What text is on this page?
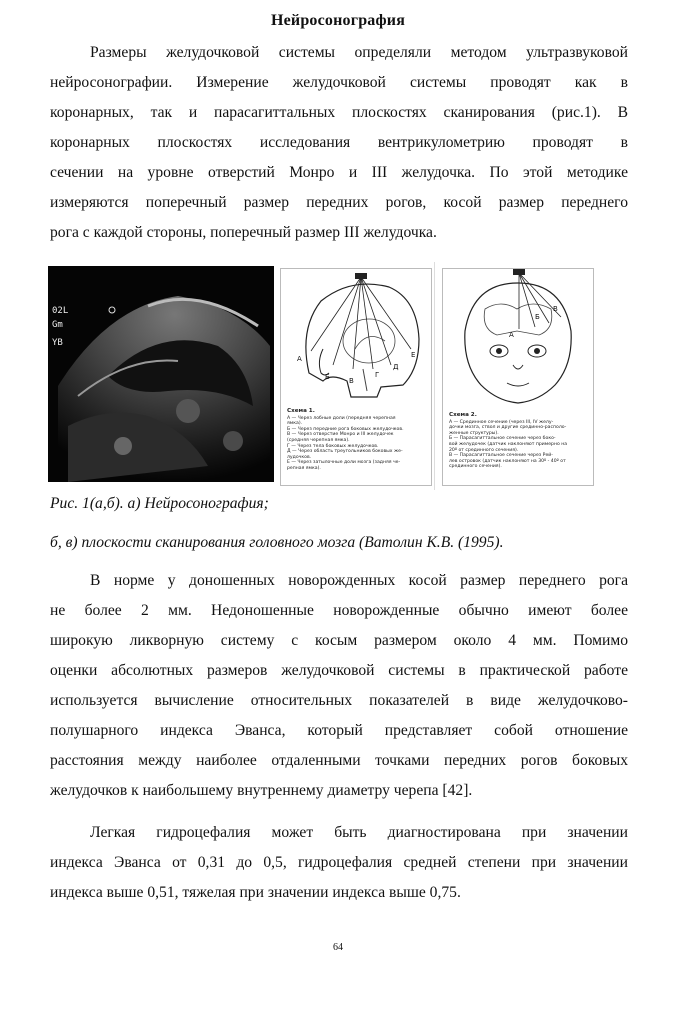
Нейросонография
Размеры желудочковой системы определяли методом ультразвуковой
нейросонографии. Измерение желудочковой системы проводят как в
коронарных, так и парасагиттальных плоскостях сканирования (рис.1). В
коронарных плоскостях исследования вентрикулометрию проводят в
сечении на уровне отверстий Монро и III желудочка. По этой методике
измеряются поперечный размер передних рогов, косой размер переднего
рога с каждой стороны, поперечный размер III желудочка.
02L
Gm
YB
А
Б	В
Г
Д
Е
Схема 1.
А — Через лобные доли (передняя черепная
ямка).
Б — Через передние рога боковых желудочков.
В — Через отверстие Монро и III желудочек
(средняя черепная ямка).
Г — Через тела боковых желудочков.
Д — Через область треугольников боковых же-
лудочков.
Е — Через затылочные доли мозга (задняя че-
репная ямка).
А
Б
В
Схема 2.
А — Срединное сечение (через III, IV желу-
дочки мозга, ствол и другие срединно-располо-
женные структуры).
Б — Парасагиттальное сечение через боко-
вой желудочек (датчик наклоняют примерно на
20º от срединного сечения).
В — Парасагиттальное сечение через Рей-
лев островок (датчик наклоняют на 30º - 40º от
срединного сечения).
Рис. 1(а,б). а) Нейросонография;
б, в) плоскости сканирования головного мозга (Ватолин К.В. (1995).
В норме у доношенных новорожденных косой размер переднего рога
не более 2 мм. Недоношенные новорожденные обычно имеют более
широкую ликворную систему с косым размером около 4 мм. Помимо
оценки абсолютных размеров желудочковой системы в практической работе
используется вычисление относительных показателей в виде желудочково-
полушарного индекса Эванса, который представляет собой отношение
расстояния между наиболее отдаленными точками передних рогов боковых
желудочков к наибольшему внутреннему диаметру черепа [42].
Легкая гидроцефалия может быть диагностирована при значении
индекса Эванса от 0,31 до 0,5, гидроцефалия средней степени при значении
индекса выше 0,51, тяжелая при значении индекса выше 0,75.
64
